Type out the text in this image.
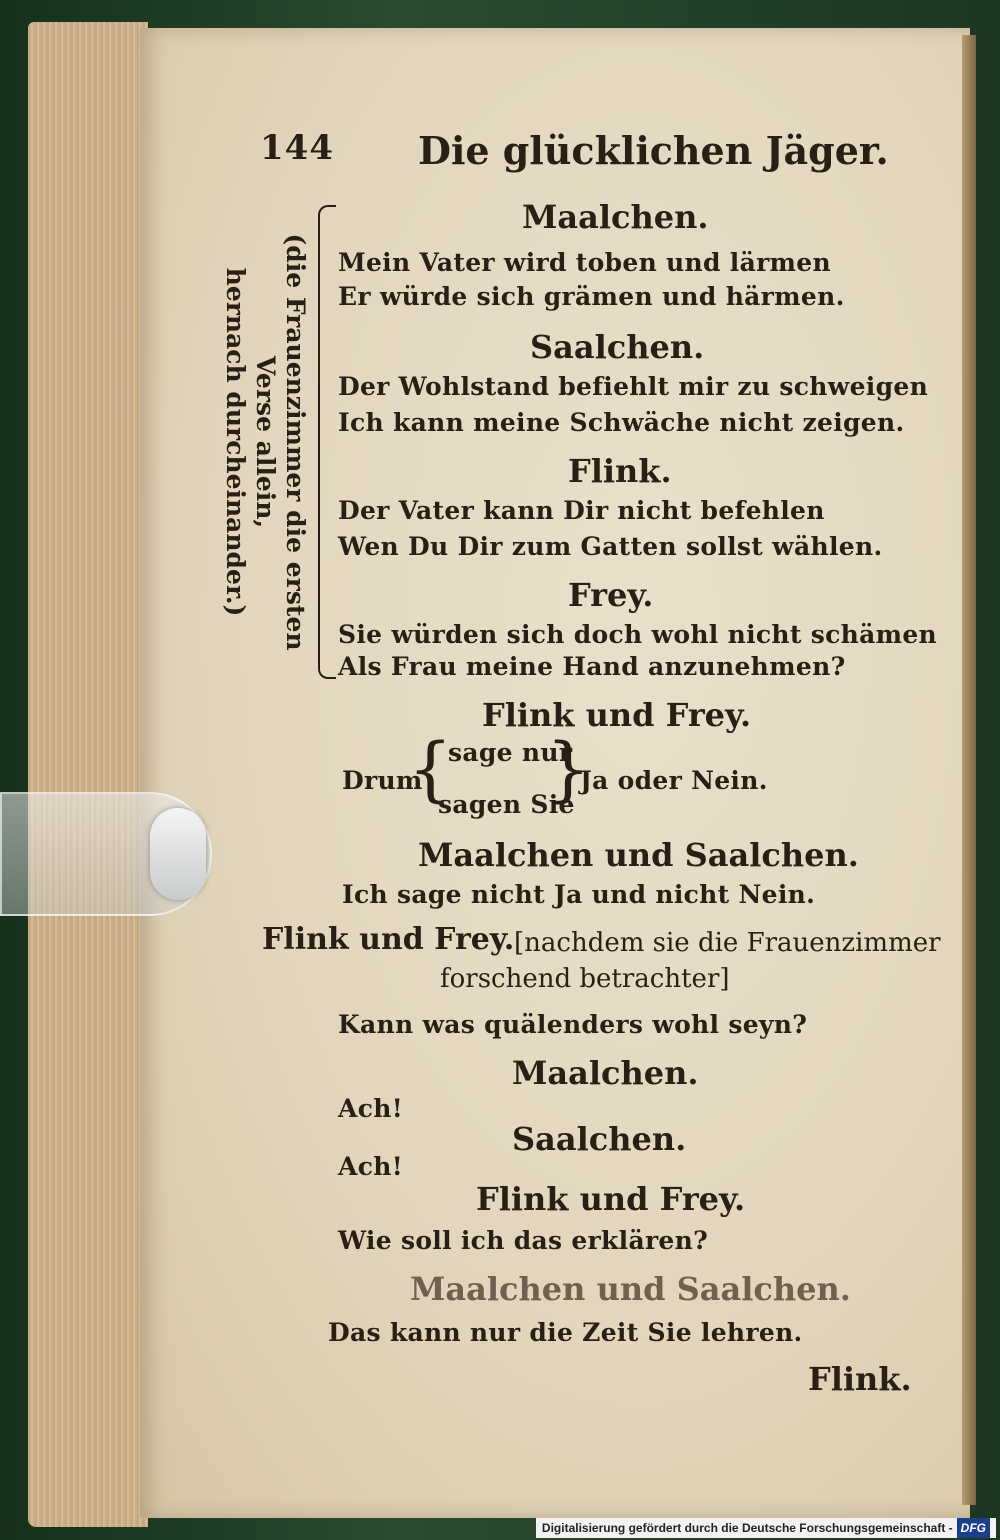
144 Die glücklichen Jäger.
(die Frauenzimmer die ersten Verse allein,
hernach durcheinander.)
Maalchen.
Mein Vater wird toben und lärmen
Er würde sich grämen und härmen.
Saalchen.
Der Wohlstand befiehlt mir zu schweigen
Ich kann meine Schwäche nicht zeigen.
Flink.
Der Vater kann Dir nicht befehlen
Wen Du Dir zum Gatten sollst wählen.
Frey.
Sie würden sich doch wohl nicht schämen
Als Frau meine Hand anzunehmen?
Flink und Frey.
Drum
{
sage nur
sagen Sie
}
Ja oder Nein.
Maalchen und Saalchen.
Ich sage nicht Ja und nicht Nein.
Flink und Frey. [nachdem sie die Frauenzimmer
forschend betrachter]
Kann was quälenders wohl seyn?
Maalchen.
Ach!
Saalchen.
Ach!
Flink und Frey.
Wie soll ich das erklären?
Maalchen und Saalchen.
Das kann nur die Zeit Sie lehren.
Flink.
Digitalisierung gefördert durch die Deutsche Forschungsgemeinschaft - DFG
